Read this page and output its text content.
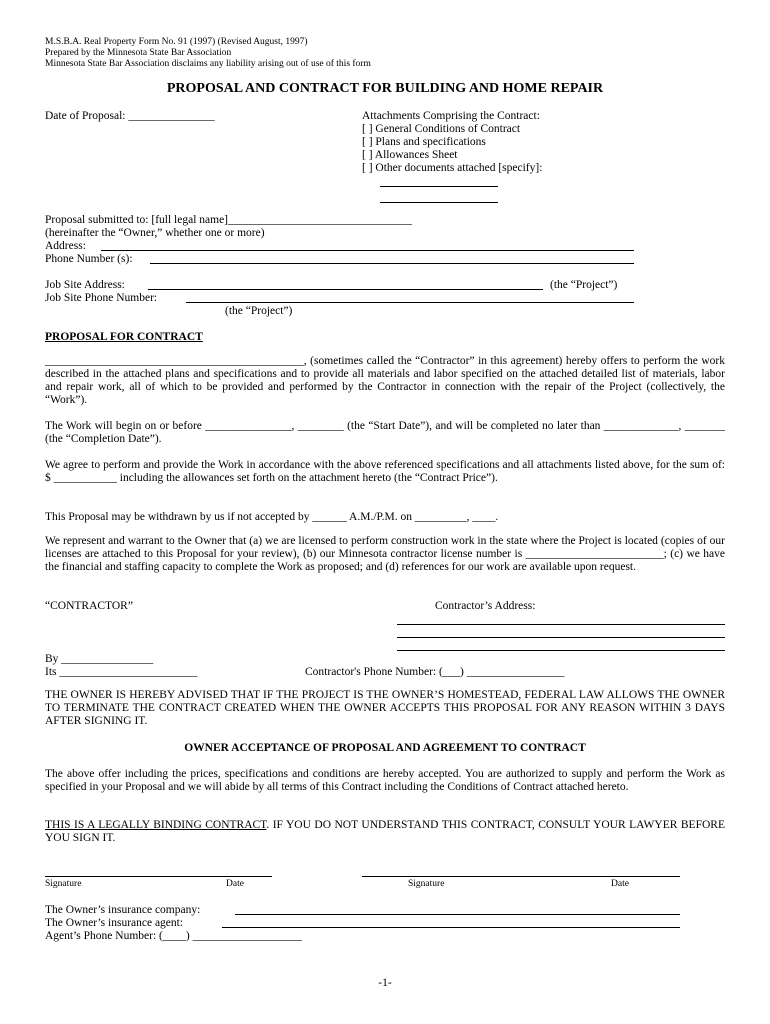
M.S.B.A. Real Property Form No. 91 (1997) (Revised August, 1997)
Prepared by the Minnesota State Bar Association
Minnesota State Bar Association disclaims any liability arising out of use of this form
PROPOSAL AND CONTRACT FOR BUILDING AND HOME REPAIR
Date of Proposal: _______________	Attachments Comprising the Contract:
[ ] General Conditions of Contract
[ ] Plans and specifications
[ ] Allowances Sheet
[ ] Other documents attached [specify]:
Proposal submitted to: [full legal name]________________________________
(hereinafter the “Owner,” whether one or more)
Address:
Phone Number (s):
Job Site Address:	(the “Project”)
Job Site Phone Number:
(the “Project”)
PROPOSAL FOR CONTRACT
_____________________________________________, (sometimes called the “Contractor” in this agreement) hereby offers to perform the work described in the attached plans and specifications and to provide all materials and labor specified on the attached detailed list of materials, labor and repair work, all of which to be provided and performed by the Contractor in connection with the repair of the Project (collectively, the “Work”).
The Work will begin on or before _______________, ________ (the “Start Date”), and will be completed no later than _____________, _______ (the “Completion Date”).
We agree to perform and provide the Work in accordance with the above referenced specifications and all attachments listed above, for the sum of: $ ___________ including the allowances set forth on the attachment hereto (the “Contract Price”).
This Proposal may be withdrawn by us if not accepted by ______ A.M./P.M. on _________, ____.
We represent and warrant to the Owner that (a) we are licensed to perform construction work in the state where the Project is located (copies of our licenses are attached to this Proposal for your review), (b) our Minnesota contractor license number is ________________________; (c) we have the financial and staffing capacity to complete the Work as proposed; and (d) references for our work are available upon request.
“CONTRACTOR”	Contractor’s Address:
By ________________
Its ________________________	Contractor's Phone Number: (___) _________________
THE OWNER IS HEREBY ADVISED THAT IF THE PROJECT IS THE OWNER’S HOMESTEAD, FEDERAL LAW ALLOWS THE OWNER TO TERMINATE THE CONTRACT CREATED WHEN THE OWNER ACCEPTS THIS PROPOSAL FOR ANY REASON WITHIN 3 DAYS AFTER SIGNING IT.
OWNER ACCEPTANCE OF PROPOSAL AND AGREEMENT TO CONTRACT
The above offer including the prices, specifications and conditions are hereby accepted. You are authorized to supply and perform the Work as specified in your Proposal and we will abide by all terms of this Contract including the Conditions of Contract attached hereto.
THIS IS A LEGALLY BINDING CONTRACT. IF YOU DO NOT UNDERSTAND THIS CONTRACT, CONSULT YOUR LAWYER BEFORE YOU SIGN IT.
Signature	Date	Signature	Date
The Owner’s insurance company:
The Owner’s insurance agent:
Agent’s Phone Number: (____) ___________________
-1-
